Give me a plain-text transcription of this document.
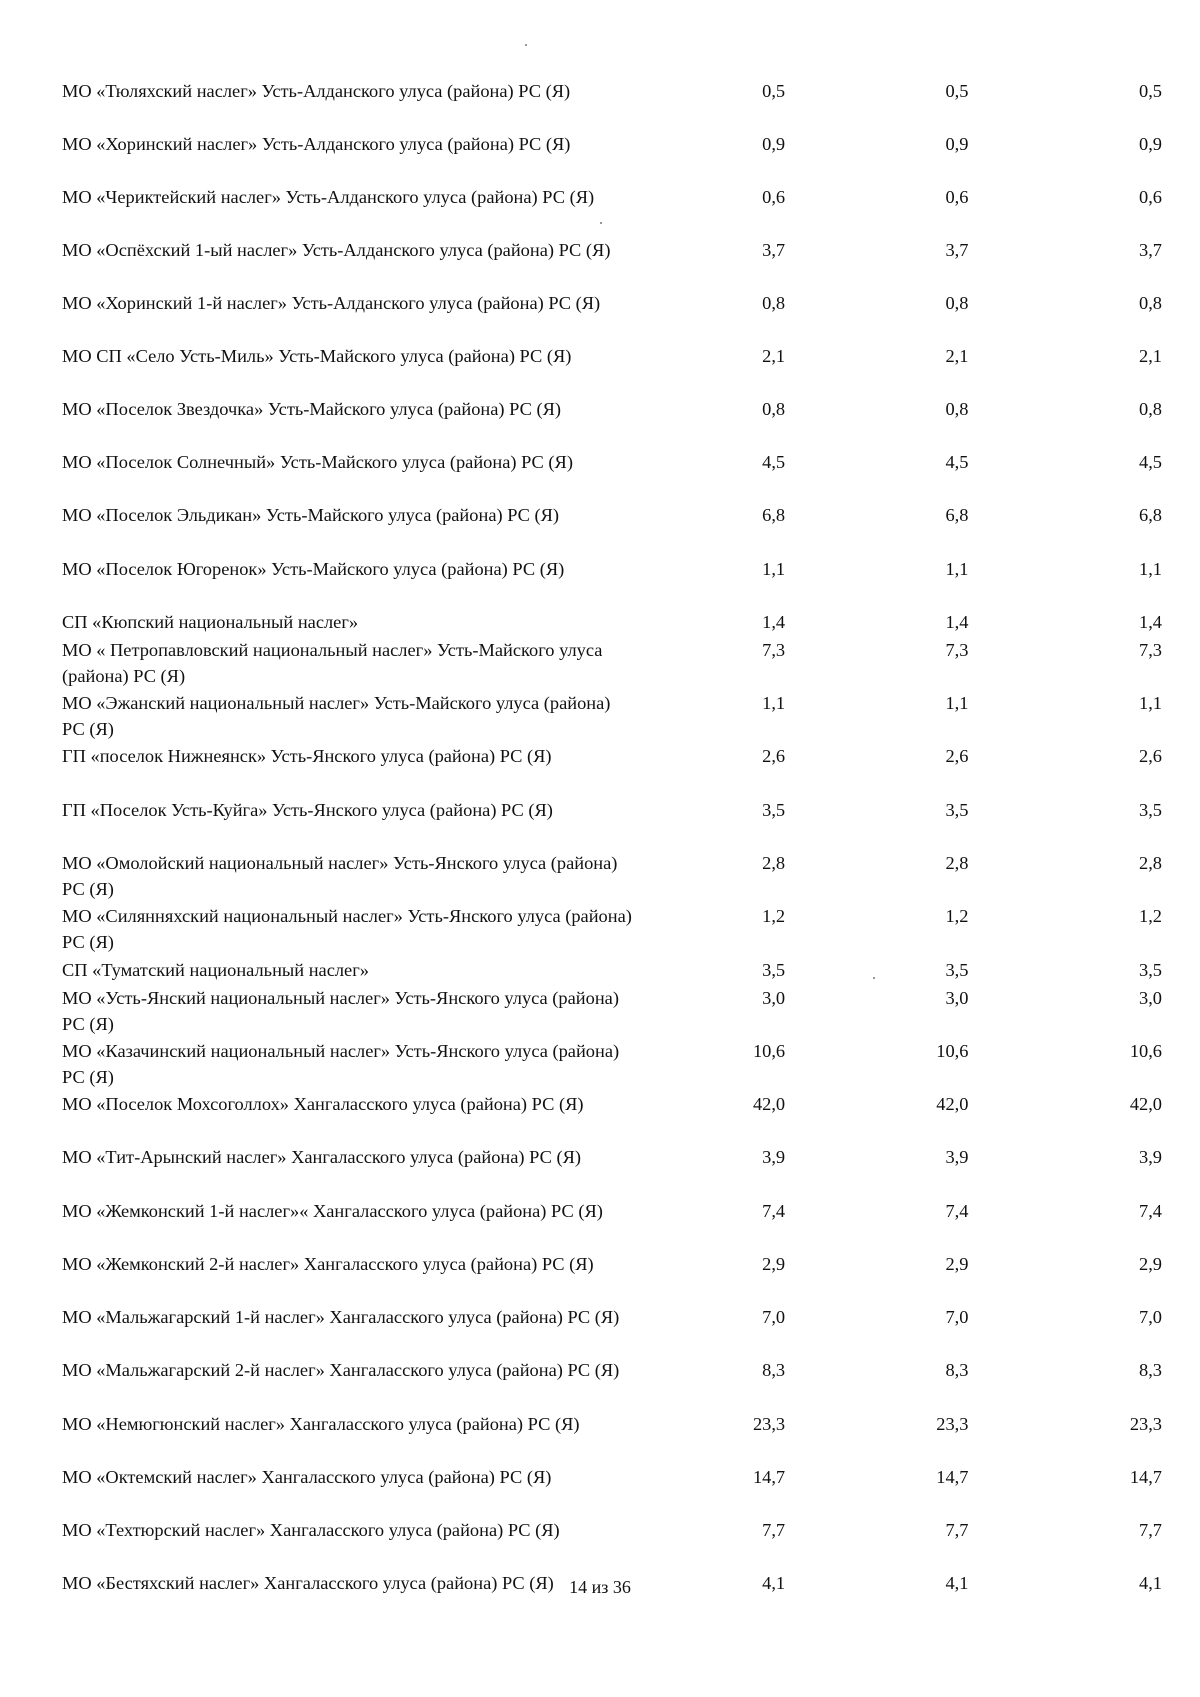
МО «Тюляхский наслег» Усть-Алданского улуса (района) РС (Я)	0,5	0,5	0,5
МО «Хоринский наслег» Усть-Алданского улуса (района) РС (Я)	0,9	0,9	0,9
МО «Чериктейский наслег» Усть-Алданского улуса (района) РС (Я)	0,6	0,6	0,6
МО «Оспёхский 1-ый наслег» Усть-Алданского улуса (района) РС (Я)	3,7	3,7	3,7
МО «Хоринский 1-й наслег» Усть-Алданского улуса (района) РС (Я)	0,8	0,8	0,8
МО СП «Село Усть-Миль» Усть-Майского улуса (района) РС (Я)	2,1	2,1	2,1
МО «Поселок Звездочка» Усть-Майского улуса (района) РС (Я)	0,8	0,8	0,8
МО «Поселок Солнечный» Усть-Майского улуса (района) РС (Я)	4,5	4,5	4,5
МО «Поселок Эльдикан» Усть-Майского улуса (района) РС (Я)	6,8	6,8	6,8
МО «Поселок Югоренок» Усть-Майского улуса (района) РС (Я)	1,1	1,1	1,1
СП «Кюпский национальный наслег»	1,4	1,4	1,4
МО « Петропавловский национальный наслег» Усть-Майского улуса (района) РС (Я)	7,3	7,3	7,3
МО «Эжанский национальный наслег» Усть-Майского улуса (района) РС (Я)	1,1	1,1	1,1
ГП «поселок Нижнеянск» Усть-Янского улуса (района) РС (Я)	2,6	2,6	2,6
ГП «Поселок Усть-Куйга» Усть-Янского улуса (района) РС (Я)	3,5	3,5	3,5
МО «Омолойский национальный наслег» Усть-Янского улуса (района) РС (Я)	2,8	2,8	2,8
МО «Силянняхский национальный наслег» Усть-Янского улуса (района) РС (Я)	1,2	1,2	1,2
СП «Туматский национальный наслег»	3,5	3,5	3,5
МО «Усть-Янский национальный наслег» Усть-Янского улуса (района) РС (Я)	3,0	3,0	3,0
МО «Казачинский национальный наслег» Усть-Янского улуса (района) РС (Я)	10,6	10,6	10,6
МО «Поселок Мохсоголлох» Хангаласского улуса (района) РС (Я)	42,0	42,0	42,0
МО «Тит-Арынский наслег» Хангаласского улуса (района) РС (Я)	3,9	3,9	3,9
МО «Жемконский 1-й наслег»« Хангаласского улуса (района) РС (Я)	7,4	7,4	7,4
МО «Жемконский 2-й наслег» Хангаласского улуса (района) РС (Я)	2,9	2,9	2,9
МО «Мальжагарский 1-й наслег» Хангаласского улуса (района) РС (Я)	7,0	7,0	7,0
МО «Мальжагарский 2-й наслег» Хангаласского улуса (района) РС (Я)	8,3	8,3	8,3
МО «Немюгюнский наслег» Хангаласского улуса (района) РС (Я)	23,3	23,3	23,3
МО «Октемский наслег» Хангаласского улуса (района) РС (Я)	14,7	14,7	14,7
МО «Техтюрский наслег» Хангаласского улуса (района) РС (Я)	7,7	7,7	7,7
МО «Бестяхский наслег» Хангаласского улуса (района) РС (Я)	4,1	4,1	4,1
14 из 36
